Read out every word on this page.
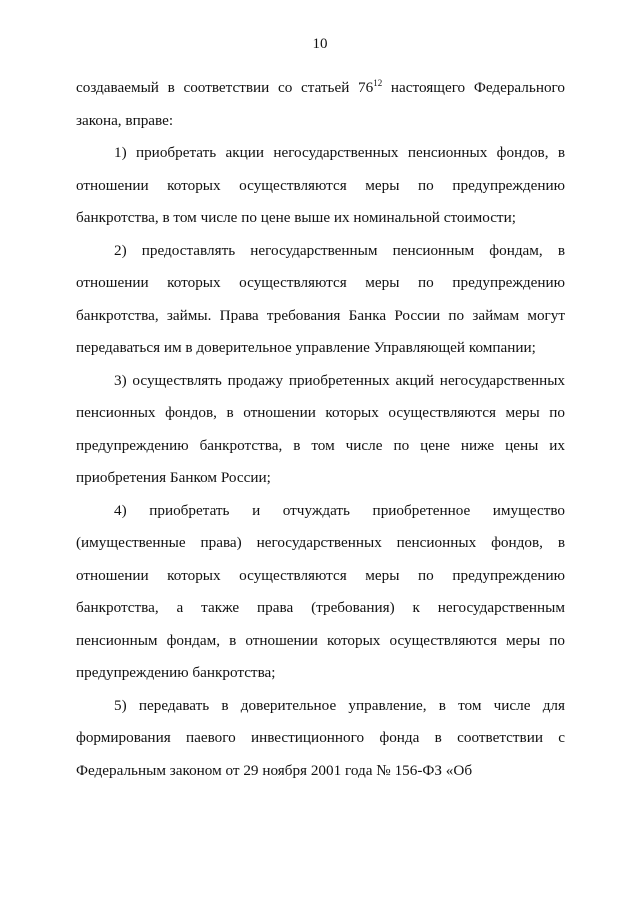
10

создаваемый в соответствии со статьей $76^{12}$ настоящего Федерального закона, вправе:

1) приобретать акции негосударственных пенсионных фондов, в отношении которых осуществляются меры по предупреждению банкротства, в том числе по цене выше их номинальной стоимости;

2) предоставлять негосударственным пенсионным фондам, в отношении которых осуществляются меры по предупреждению банкротства, займы. Права требования Банка России по займам могут передаваться им в доверительное управление Управляющей компании;

3) осуществлять продажу приобретенных акций негосударственных пенсионных фондов, в отношении которых осуществляются меры по предупреждению банкротства, в том числе по цене ниже цены их приобретения Банком России;

4) приобретать и отчуждать приобретенное имущество (имущественные права) негосударственных пенсионных фондов, в отношении которых осуществляются меры по предупреждению банкротства, а также права (требования) к негосударственным пенсионным фондам, в отношении которых осуществляются меры по предупреждению банкротства;

5) передавать в доверительное управление, в том числе для формирования паевого инвестиционного фонда в соответствии с Федеральным законом от 29 ноября 2001 года № 156-ФЗ «Об
